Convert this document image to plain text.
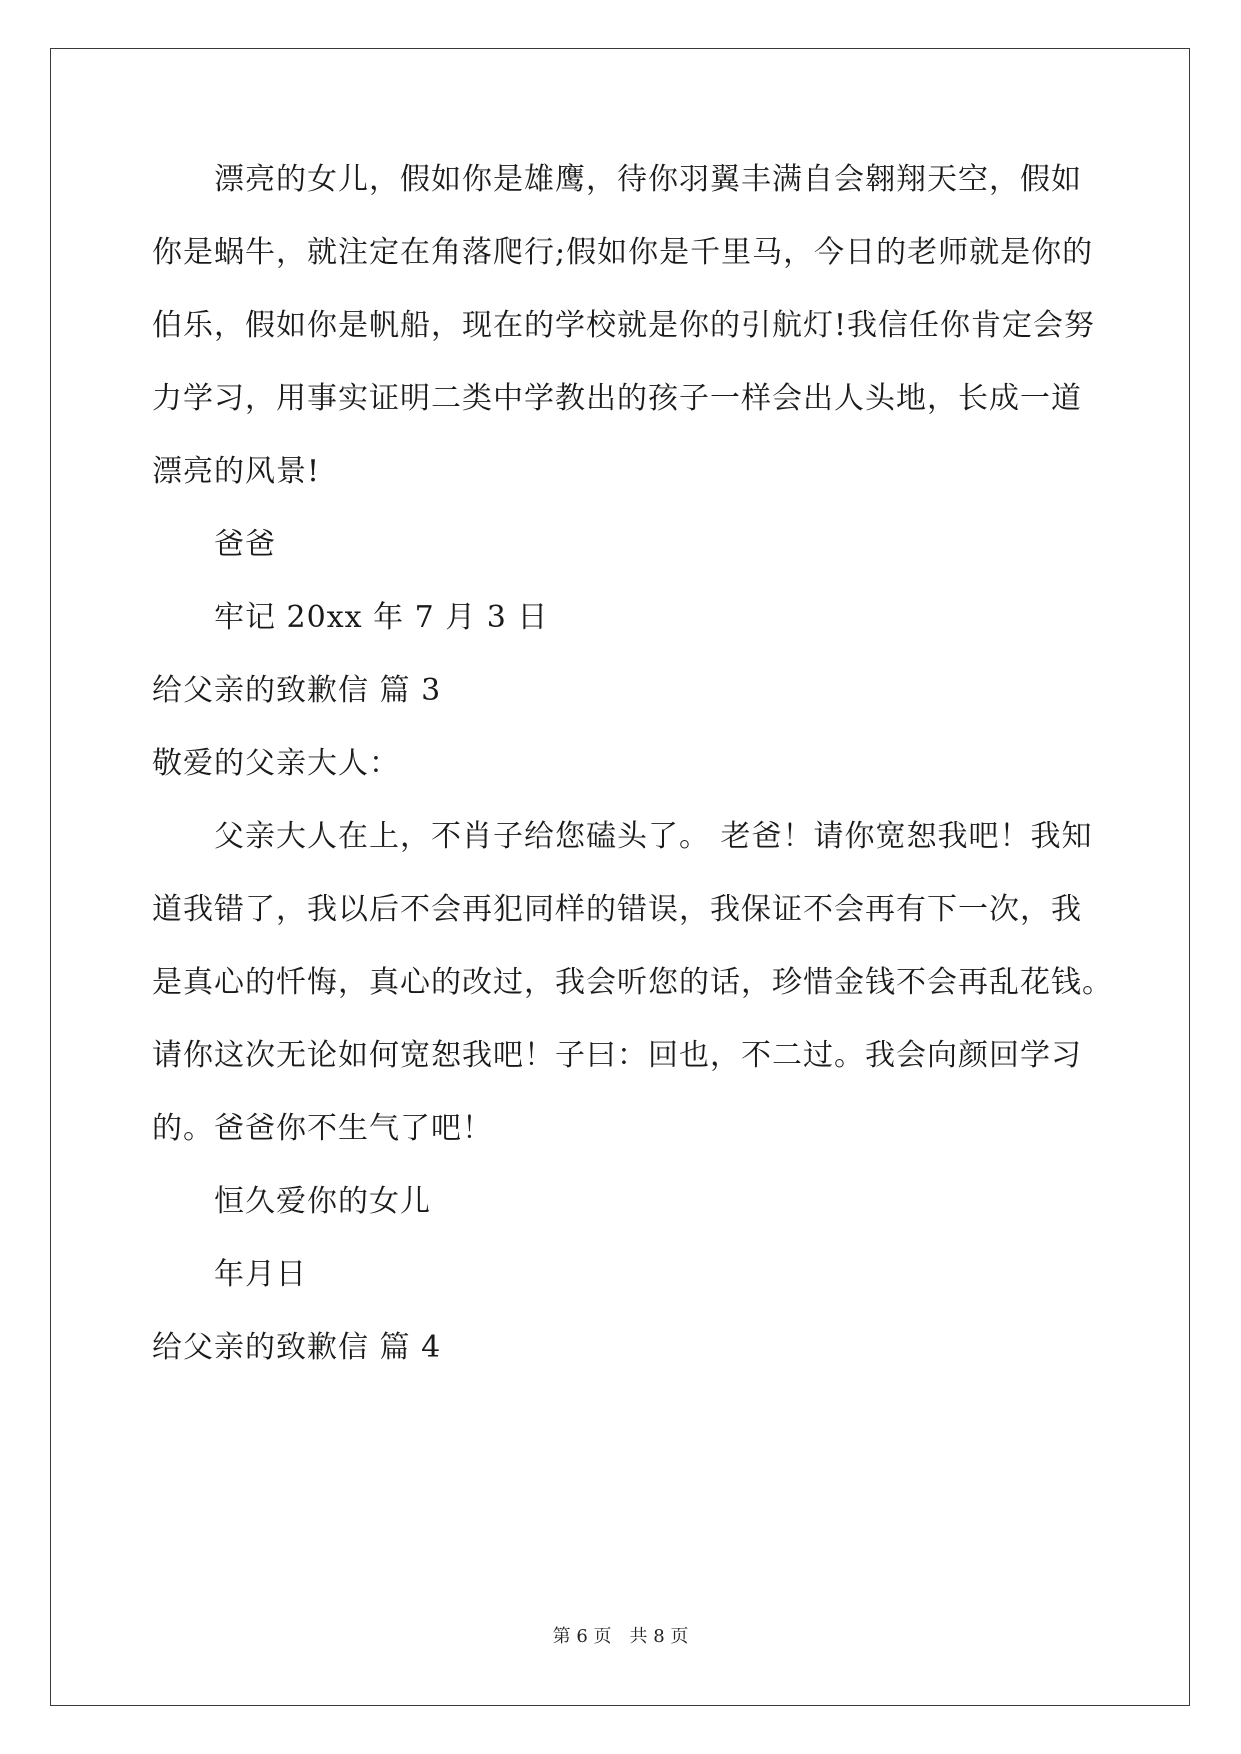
漂亮的女儿，假如你是雄鹰，待你羽翼丰满自会翱翔天空，假如
你是蜗牛，就注定在角落爬行;假如你是千里马，今日的老师就是你的
伯乐，假如你是帆船，现在的学校就是你的引航灯!我信任你肯定会努
力学习，用事实证明二类中学教出的孩子一样会出人头地，长成一道
漂亮的风景!
爸爸
牢记 20xx 年 7 月 3 日
给父亲的致歉信 篇 3
敬爱的父亲大人：
父亲大人在上，不肖子给您磕头了。 老爸！请你宽恕我吧！我知
道我错了，我以后不会再犯同样的错误，我保证不会再有下一次，我
是真心的忏悔，真心的改过，我会听您的话，珍惜金钱不会再乱花钱。
请你这次无论如何宽恕我吧！子曰：回也，不二过。我会向颜回学习
的。爸爸你不生气了吧！
恒久爱你的女儿
年月日
给父亲的致歉信 篇 4
第 6 页　共 8 页
